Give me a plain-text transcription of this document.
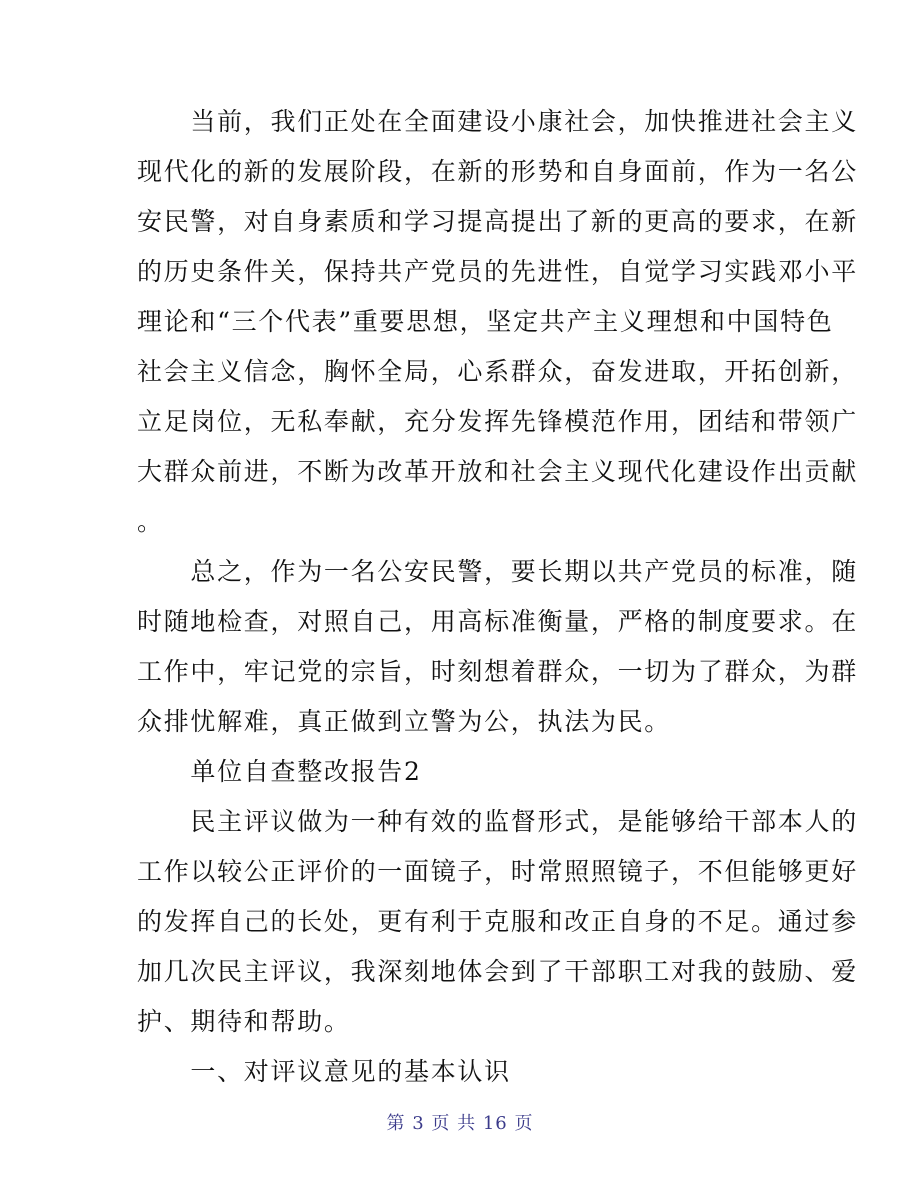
　　当前，我们正处在全面建设小康社会，加快推进社会主义
现代化的新的发展阶段，在新的形势和自身面前，作为一名公
安民警，对自身素质和学习提高提出了新的更高的要求，在新
的历史条件关，保持共产党员的先进性，自觉学习实践邓小平
理论和“三个代表”重要思想，坚定共产主义理想和中国特色
社会主义信念，胸怀全局，心系群众，奋发进取，开拓创新，
立足岗位，无私奉献，充分发挥先锋模范作用，团结和带领广
大群众前进，不断为改革开放和社会主义现代化建设作出贡献
。
　　总之，作为一名公安民警，要长期以共产党员的标准，随
时随地检查，对照自己，用高标准衡量，严格的制度要求。在
工作中，牢记党的宗旨，时刻想着群众，一切为了群众，为群
众排忧解难，真正做到立警为公，执法为民。
　　单位自查整改报告2
　　民主评议做为一种有效的监督形式，是能够给干部本人的
工作以较公正评价的一面镜子，时常照照镜子，不但能够更好
的发挥自己的长处，更有利于克服和改正自身的不足。通过参
加几次民主评议，我深刻地体会到了干部职工对我的鼓励、爱
护、期待和帮助。
　　一、对评议意见的基本认识
第 3 页 共 16 页
